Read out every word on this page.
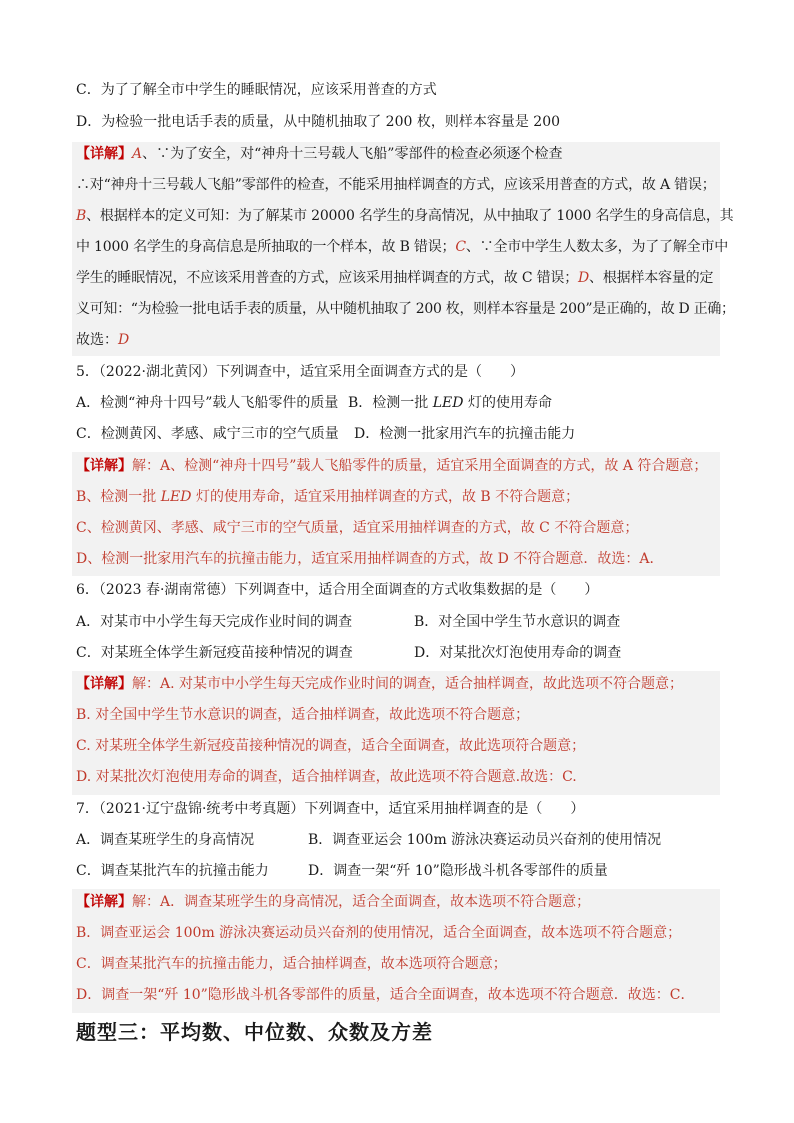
C．为了了解全市中学生的睡眠情况，应该采用普查的方式
D．为检验一批电话手表的质量，从中随机抽取了 200 枚，则样本容量是 200
【详解】A、∵为了安全，对“神舟十三号载人飞船”零部件的检查必须逐个检查
∴对“神舟十三号载人飞船”零部件的检查，不能采用抽样调查的方式，应该采用普查的方式，故 A 错误；
B、根据样本的定义可知：为了解某市 20000 名学生的身高情况，从中抽取了 1000 名学生的身高信息，其
中 1000 名学生的身高信息是所抽取的一个样本，故 B 错误；C、∵全市中学生人数太多，为了了解全市中
学生的睡眠情况，不应该采用普查的方式，应该采用抽样调查的方式，故 C 错误；D、根据样本容量的定
义可知：“为检验一批电话手表的质量，从中随机抽取了 200 枚，则样本容量是 200”是正确的，故 D 正确；
故选：D
5．（2022·湖北黄冈）下列调查中，适宜采用全面调查方式的是（　　）
A．检测“神舟十四号”载人飞船零件的质量 B．检测一批 LED 灯的使用寿命
C．检测黄冈、孝感、咸宁三市的空气质量 D．检测一批家用汽车的抗撞击能力
【详解】解：A、检测“神舟十四号”载人飞船零件的质量，适宜采用全面调查的方式，故 A 符合题意；
B、检测一批 LED 灯的使用寿命，适宜采用抽样调查的方式，故 B 不符合题意；
C、检测黄冈、孝感、咸宁三市的空气质量，适宜采用抽样调查的方式，故 C 不符合题意；
D、检测一批家用汽车的抗撞击能力，适宜采用抽样调查的方式，故 D 不符合题意．故选：A．
6．（2023 春·湖南常德）下列调查中，适合用全面调查的方式收集数据的是（　　）
A．对某市中小学生每天完成作业时间的调查	B．对全国中学生节水意识的调查
C．对某班全体学生新冠疫苗接种情况的调查	D．对某批次灯泡使用寿命的调查
【详解】解：A. 对某市中小学生每天完成作业时间的调查，适合抽样调查，故此选项不符合题意；
B. 对全国中学生节水意识的调查，适合抽样调查，故此选项不符合题意；
C. 对某班全体学生新冠疫苗接种情况的调查，适合全面调查，故此选项符合题意；
D. 对某批次灯泡使用寿命的调查，适合抽样调查，故此选项不符合题意.故选：C.
7．（2021·辽宁盘锦·统考中考真题）下列调查中，适宜采用抽样调查的是（　　）
A．调查某班学生的身高情况	B．调查亚运会 100m 游泳决赛运动员兴奋剂的使用情况
C．调查某批汽车的抗撞击能力	D．调查一架“歼 10”隐形战斗机各零部件的质量
【详解】解：A．调查某班学生的身高情况，适合全面调查，故本选项不符合题意；
B．调查亚运会 100m 游泳决赛运动员兴奋剂的使用情况，适合全面调查，故本选项不符合题意；
C．调查某批汽车的抗撞击能力，适合抽样调查，故本选项符合题意；
D．调查一架“歼 10”隐形战斗机各零部件的质量，适合全面调查，故本选项不符合题意．故选：C．
题型三：平均数、中位数、众数及方差
